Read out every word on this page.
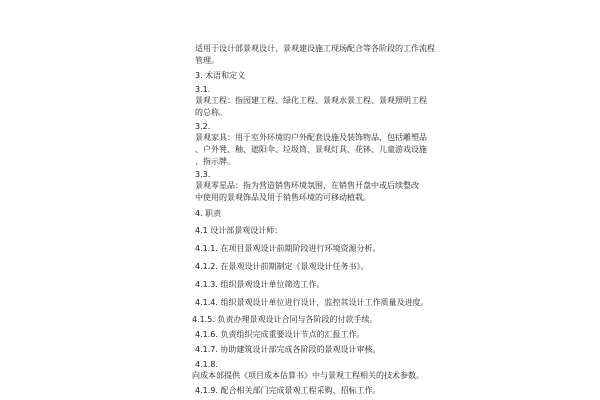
适用于设计部景观设计、景观建设施工现场配合等各阶段的工作流程
管理。
3. 术语和定义
3.1.
景观工程：指园建工程、绿化工程、景观水景工程、景观照明工程
的总称。
3.2.
景观家具：用于室外环境的户外配套设施及装饰物品，包括雕塑品
、户外凳、釉、遮阳伞、垃圾筒、景观灯具、花钵、儿童游戏设施
、指示牌。
3.3.
景观零星品：指为营造销售环境氛围，在销售开盘中或后续整改
中使用的景观饰品及用于销售环境的可移动植栽。
4. 职责
4.1 设计部景观设计师：
4.1.1. 在项目景观设计前期阶段进行环境资源分析。
4.1.2. 在景观设计前期制定《景观设计任务书》。
4.1.3. 组织景观设计单位筛选工作。
4.1.4. 组织景观设计单位进行设计，监控其设计工作质量及进度。
4.1.5. 负责办理景观设计合同与各阶段的付款手续。
4.1.6. 负责组织完成重要设计节点的汇报工作。
4.1.7. 协助建筑设计部完成各阶段的景观设计审核。
4.1.8.
向成本部提供《项目成本估算书》中与景观工程相关的技术参数。
4.1.9. 配合相关部门完成景观工程采购、招标工作。
